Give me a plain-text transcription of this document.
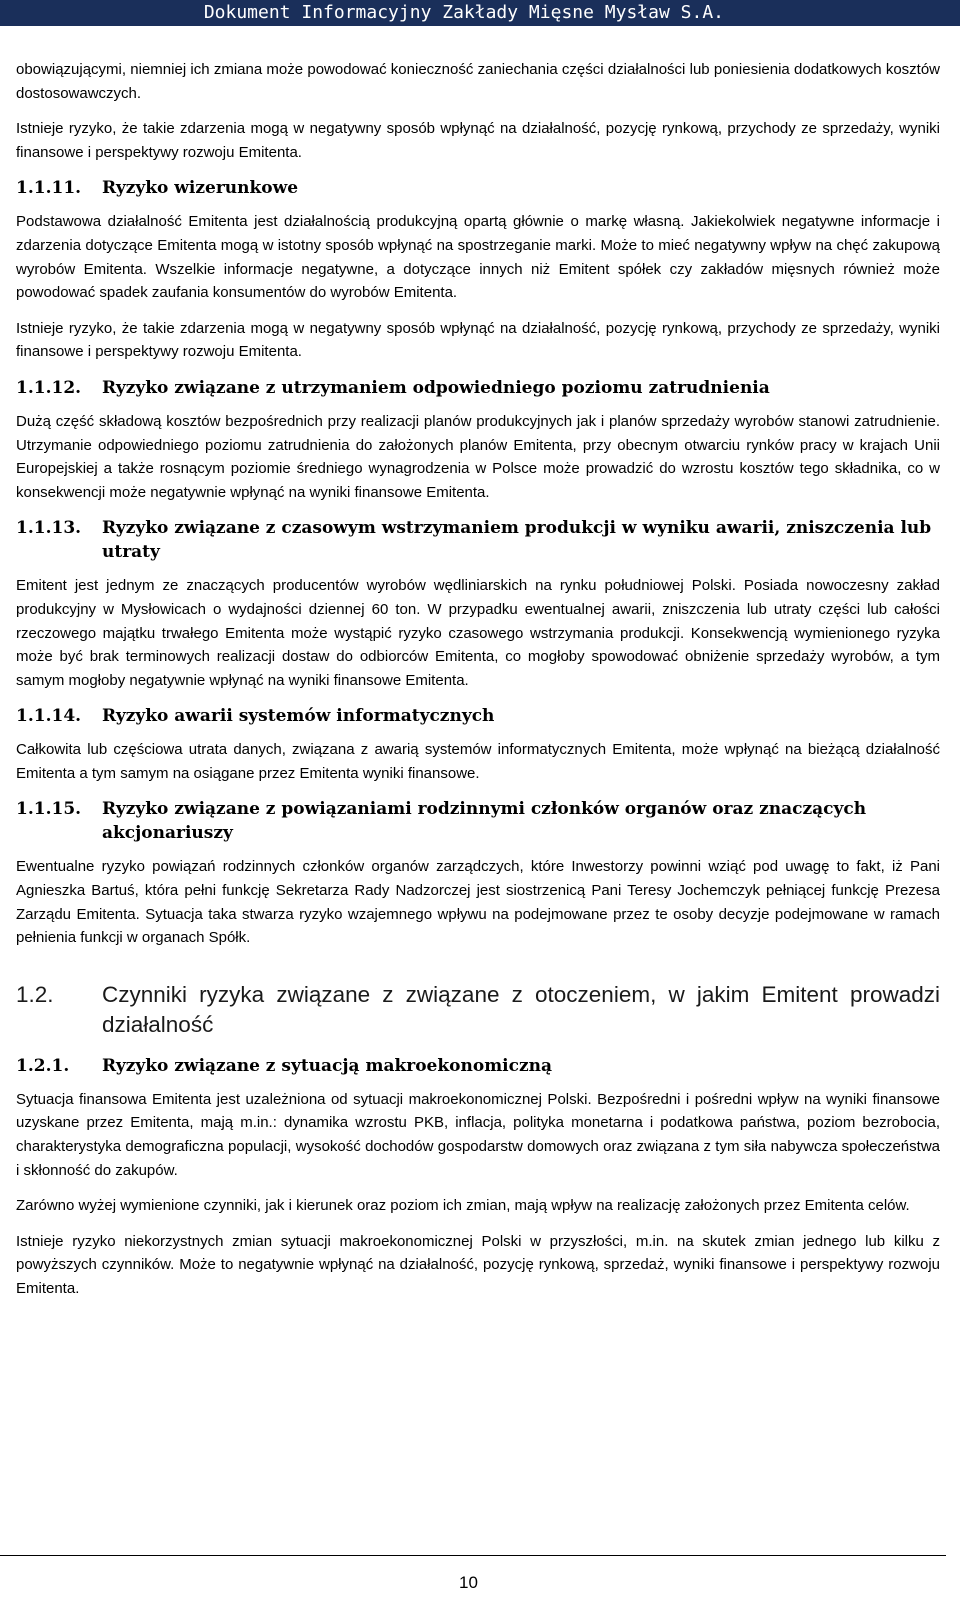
Dokument Informacyjny Zakłady Mięsne Mysław S.A.

obowiązującymi, niemniej ich zmiana może powodować konieczność zaniechania części działalności lub poniesienia dodatkowych kosztów dostosowawczych.

Istnieje ryzyko, że takie zdarzenia mogą w negatywny sposób wpłynąć na działalność, pozycję rynkową, przychody ze sprzedaży, wyniki finansowe i perspektywy rozwoju Emitenta.

1.1.11.	Ryzyko wizerunkowe

Podstawowa działalność Emitenta jest działalnością produkcyjną opartą głównie o markę własną. Jakiekolwiek negatywne informacje i zdarzenia dotyczące Emitenta mogą w istotny sposób wpłynąć na spostrzeganie marki. Może to mieć negatywny wpływ na chęć zakupową wyrobów Emitenta. Wszelkie informacje negatywne, a dotyczące innych niż Emitent spółek czy zakładów mięsnych również może powodować spadek zaufania konsumentów do wyrobów Emitenta.

Istnieje ryzyko, że takie zdarzenia mogą w negatywny sposób wpłynąć na działalność, pozycję rynkową, przychody ze sprzedaży, wyniki finansowe i perspektywy rozwoju Emitenta.

1.1.12.	Ryzyko związane z utrzymaniem odpowiedniego poziomu zatrudnienia

Dużą część składową kosztów bezpośrednich przy realizacji planów produkcyjnych jak i planów sprzedaży wyrobów stanowi zatrudnienie. Utrzymanie odpowiedniego poziomu zatrudnienia do założonych planów Emitenta, przy obecnym otwarciu rynków pracy w krajach Unii Europejskiej a także rosnącym poziomie średniego wynagrodzenia w Polsce może prowadzić do wzrostu kosztów tego składnika, co w konsekwencji może negatywnie wpłynąć na wyniki finansowe Emitenta.

1.1.13.	Ryzyko związane z czasowym wstrzymaniem produkcji w wyniku awarii, zniszczenia lub utraty

Emitent jest jednym ze znaczących producentów wyrobów wędliniarskich na rynku południowej Polski. Posiada nowoczesny zakład produkcyjny w Mysłowicach o wydajności dziennej 60 ton. W przypadku ewentualnej awarii, zniszczenia lub utraty części lub całości rzeczowego majątku trwałego Emitenta może wystąpić ryzyko czasowego wstrzymania produkcji. Konsekwencją wymienionego ryzyka może być brak terminowych realizacji dostaw do odbiorców Emitenta, co mogłoby spowodować obniżenie sprzedaży wyrobów, a tym samym mogłoby negatywnie wpłynąć na wyniki finansowe Emitenta.

1.1.14.	Ryzyko awarii systemów informatycznych

Całkowita lub częściowa utrata danych, związana z awarią systemów informatycznych Emitenta, może wpłynąć na bieżącą działalność Emitenta a tym samym na osiągane przez Emitenta wyniki finansowe.

1.1.15.	Ryzyko związane z powiązaniami rodzinnymi członków organów oraz znaczących akcjonariuszy

Ewentualne ryzyko powiązań rodzinnych członków organów zarządczych, które Inwestorzy powinni wziąć pod uwagę to fakt, iż Pani Agnieszka Bartuś, która pełni funkcję Sekretarza Rady Nadzorczej jest siostrzenicą Pani Teresy Jochemczyk pełniącej funkcję Prezesa Zarządu Emitenta. Sytuacja taka stwarza ryzyko wzajemnego wpływu na podejmowane przez te osoby decyzje podejmowane w ramach pełnienia funkcji w organach Spółk.

1.2.	Czynniki ryzyka związane z związane z otoczeniem, w jakim Emitent prowadzi działalność
1.2.1.	Ryzyko związane z sytuacją makroekonomiczną

Sytuacja finansowa Emitenta jest uzależniona od sytuacji makroekonomicznej Polski. Bezpośredni i pośredni wpływ na wyniki finansowe uzyskane przez Emitenta, mają m.in.: dynamika wzrostu PKB, inflacja, polityka monetarna i podatkowa państwa, poziom bezrobocia, charakterystyka demograficzna populacji, wysokość dochodów gospodarstw domowych oraz związana z tym siła nabywcza społeczeństwa i skłonność do zakupów.

Zarówno wyżej wymienione czynniki, jak i kierunek oraz poziom ich zmian, mają wpływ na realizację założonych przez Emitenta celów.

Istnieje ryzyko niekorzystnych zmian sytuacji makroekonomicznej Polski w przyszłości, m.in. na skutek zmian jednego lub kilku z powyższych czynników. Może to negatywnie wpłynąć na działalność, pozycję rynkową, sprzedaż, wyniki finansowe i perspektywy rozwoju Emitenta.

10
